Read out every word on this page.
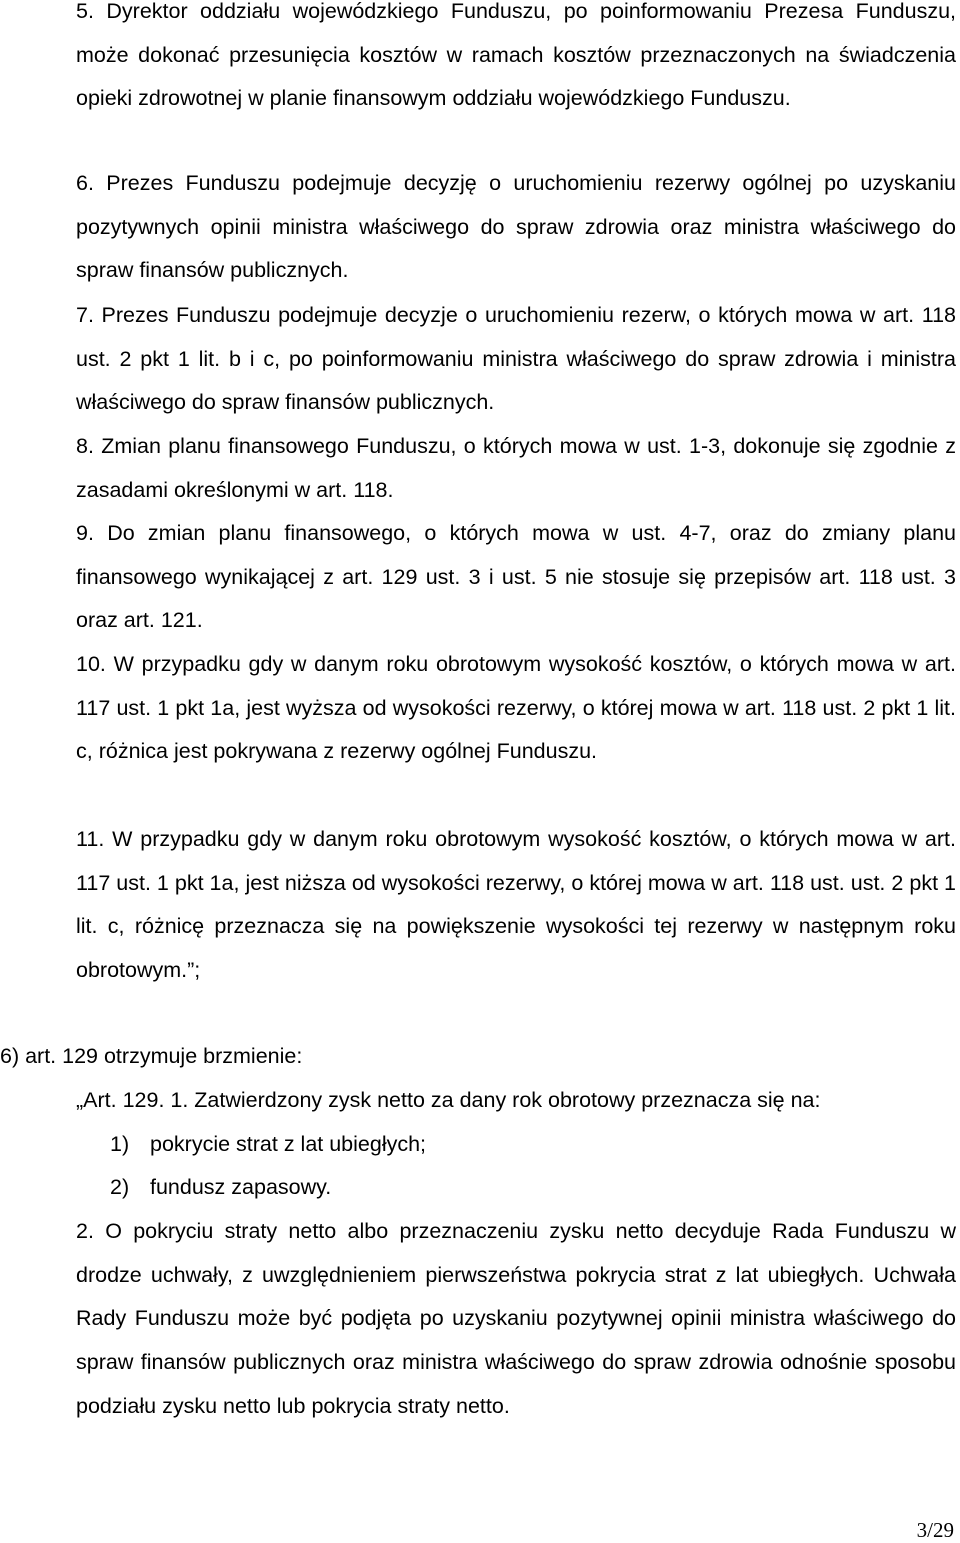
5. Dyrektor oddziału wojewódzkiego Funduszu, po poinformowaniu Prezesa Funduszu, może dokonać przesunięcia kosztów w ramach kosztów przeznaczonych na świadczenia opieki zdrowotnej w planie finansowym oddziału wojewódzkiego Funduszu.

6. Prezes Funduszu podejmuje decyzję o uruchomieniu rezerwy ogólnej po uzyskaniu pozytywnych opinii ministra właściwego do spraw zdrowia oraz ministra właściwego do spraw finansów publicznych.

7. Prezes Funduszu podejmuje decyzje o uruchomieniu rezerw, o których mowa w art. 118 ust. 2 pkt 1 lit. b i c, po poinformowaniu ministra właściwego do spraw zdrowia i ministra właściwego do spraw finansów publicznych.

8. Zmian planu finansowego Funduszu, o których mowa w ust. 1-3, dokonuje się zgodnie z zasadami określonymi w art. 118.

9. Do zmian planu finansowego, o których mowa w ust. 4-7, oraz do zmiany planu finansowego wynikającej z art. 129 ust. 3 i ust. 5 nie stosuje się przepisów art. 118 ust. 3 oraz art. 121.

10. W przypadku gdy w danym roku obrotowym wysokość kosztów, o których mowa w art. 117 ust. 1 pkt 1a, jest wyższa od wysokości rezerwy, o której mowa w art. 118 ust. 2 pkt 1 lit. c, różnica jest pokrywana z rezerwy ogólnej Funduszu.

11. W przypadku gdy w danym roku obrotowym wysokość kosztów, o których mowa w art. 117 ust. 1 pkt 1a, jest niższa od wysokości rezerwy, o której mowa w art. 118 ust. ust. 2 pkt 1 lit. c, różnicę przeznacza się na powiększenie wysokości tej rezerwy w następnym roku obrotowym.”;

6) art. 129 otrzymuje brzmienie:

„Art. 129. 1. Zatwierdzony zysk netto za dany rok obrotowy przeznacza się na:

1) pokrycie strat z lat ubiegłych;

2) fundusz zapasowy.

2. O pokryciu straty netto albo przeznaczeniu zysku netto decyduje Rada Funduszu w drodze uchwały, z uwzględnieniem pierwszeństwa pokrycia strat z lat ubiegłych. Uchwała Rady Funduszu może być podjęta po uzyskaniu pozytywnej opinii ministra właściwego do spraw finansów publicznych oraz ministra właściwego do spraw zdrowia odnośnie sposobu podziału zysku netto lub pokrycia straty netto.

3/29
